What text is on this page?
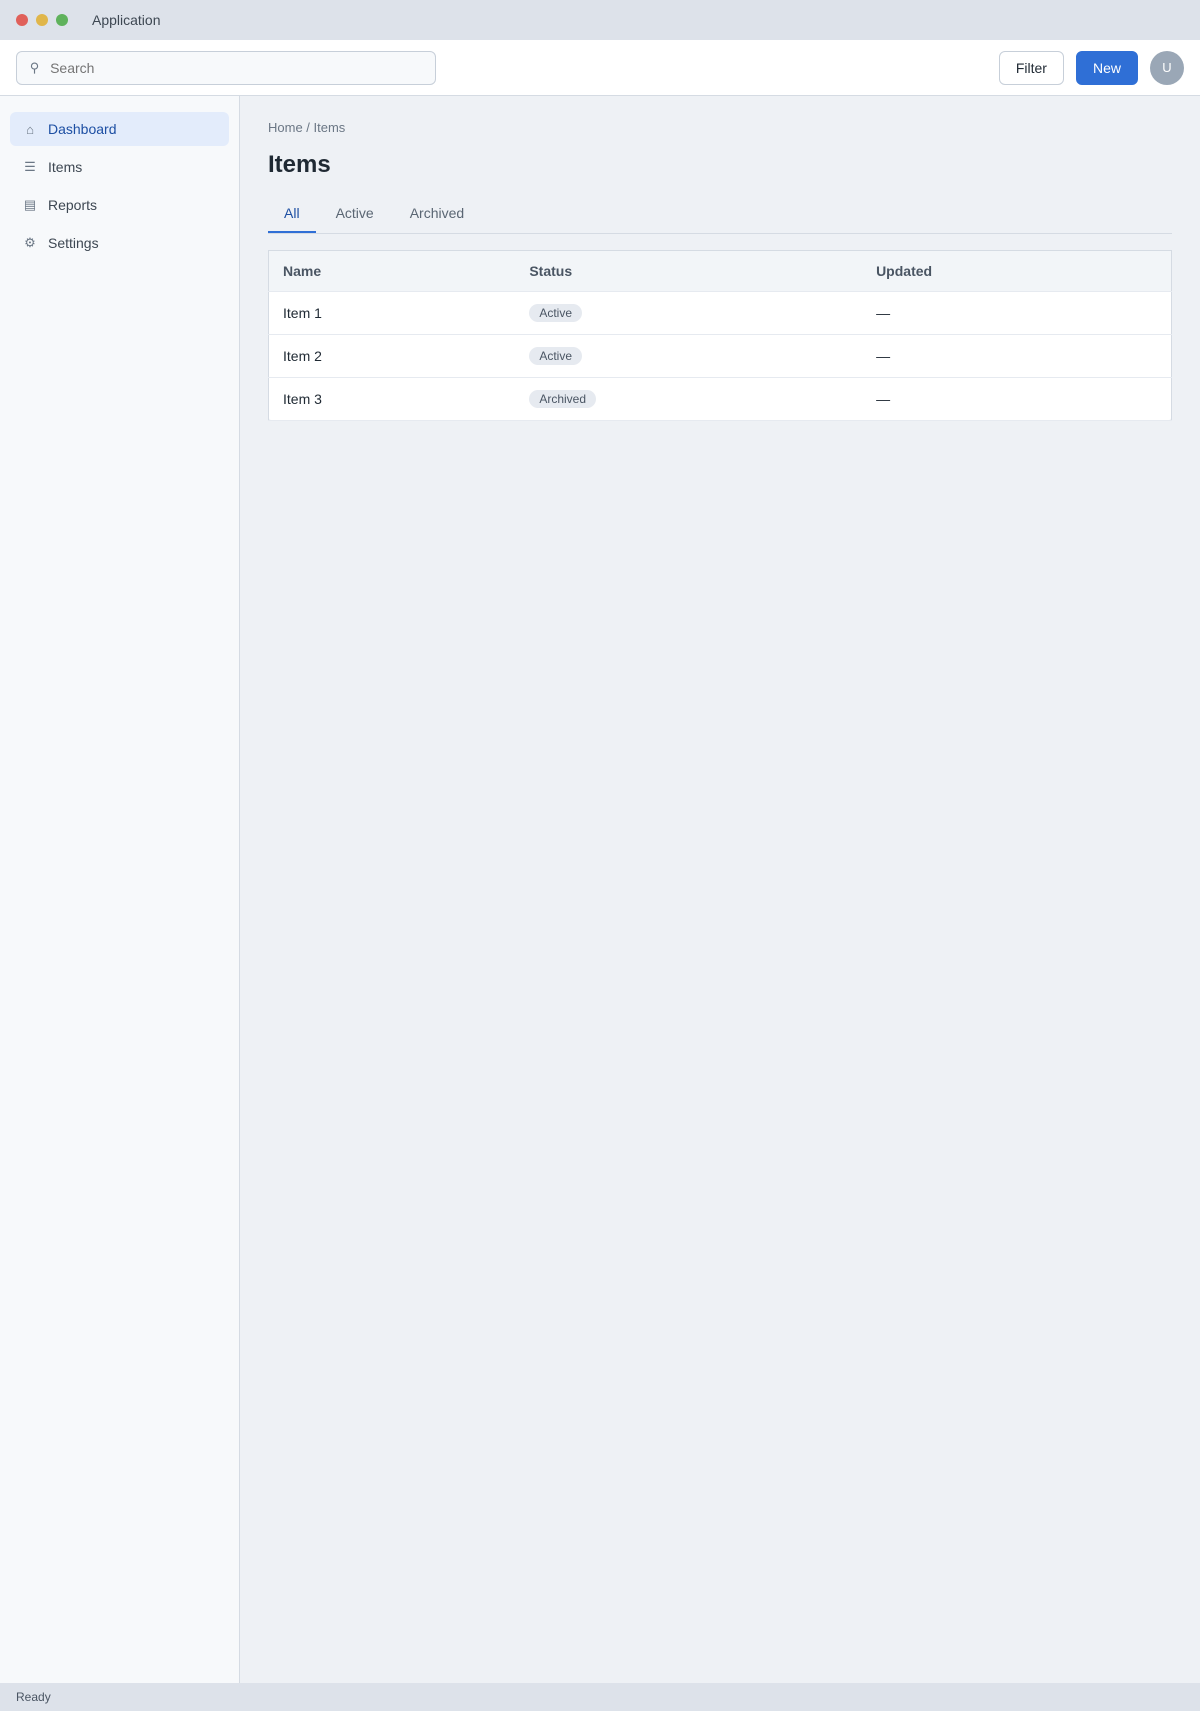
Application
⚲
Search	Filter	New	U
⌂ Dashboard
☰ Items
▤ Reports
⚙ Settings
Home / Items
Items
All	Active	Archived
Name	Status	Updated
Item 1	Active	—
Item 2	Active	—
Item 3	Archived	—
Ready
